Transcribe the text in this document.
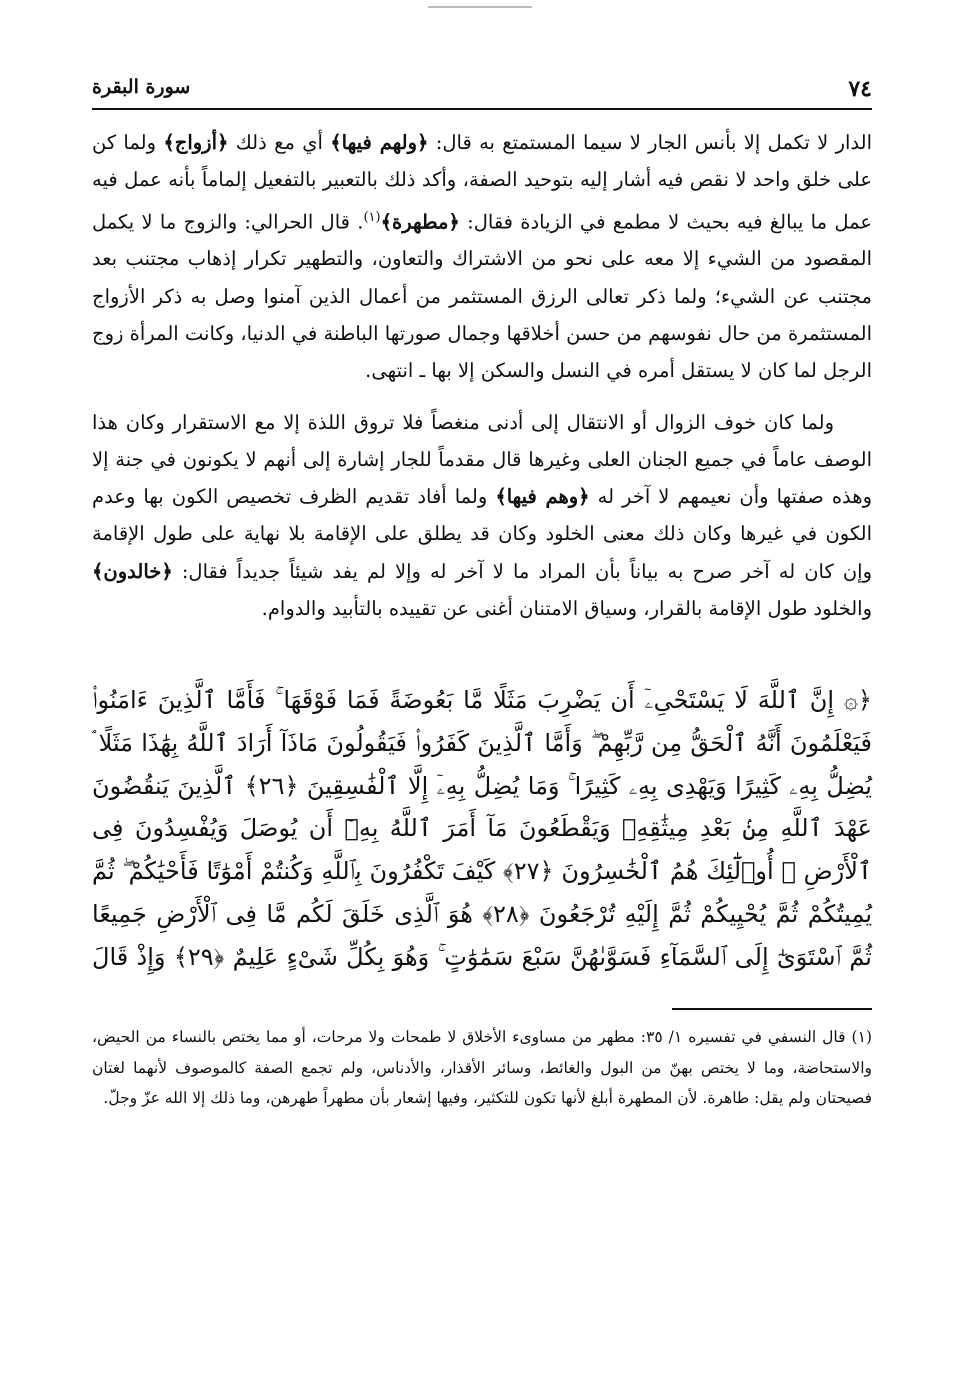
٧٤
سورة البقرة

الدار لا تكمل إلا بأنس الجار لا سيما المستمتع به قال: ﴿ولهم فيها﴾ أي مع ذلك ﴿أزواج﴾ ولما كن على خلق واحد لا نقص فيه أشار إليه بتوحيد الصفة، وأكد ذلك بالتعبير بالتفعيل إلماماً بأنه عمل فيه عمل ما يبالغ فيه بحيث لا مطمع في الزيادة فقال: ﴿مطهرة﴾$^{(١)}$. قال الحرالي: والزوج ما لا يكمل المقصود من الشيء إلا معه على نحو من الاشتراك والتعاون، والتطهير تكرار إذهاب مجتنب بعد مجتنب عن الشيء؛ ولما ذكر تعالى الرزق المستثمر من أعمال الذين آمنوا وصل به ذكر الأزواج المستثمرة من حال نفوسهم من حسن أخلاقها وجمال صورتها الباطنة في الدنيا، وكانت المرأة زوج الرجل لما كان لا يستقل أمره في النسل والسكن إلا بها ـ انتهى.

ولما كان خوف الزوال أو الانتقال إلى أدنى منغصاً فلا تروق اللذة إلا مع الاستقرار وكان هذا الوصف عاماً في جميع الجنان العلى وغيرها قال مقدماً للجار إشارة إلى أنهم لا يكونون في جنة إلا وهذه صفتها وأن نعيمهم لا آخر له ﴿وهم فيها﴾ ولما أفاد تقديم الظرف تخصيص الكون بها وعدم الكون في غيرها وكان ذلك معنى الخلود وكان قد يطلق على الإقامة بلا نهاية على طول الإقامة وإن كان له آخر صرح به بياناً بأن المراد ما لا آخر له وإلا لم يفد شيئاً جديداً فقال: ﴿خالدون﴾ والخلود طول الإقامة بالقرار، وسياق الامتنان أغنى عن تقييده بالتأبيد والدوام.

﴿۞ إِنَّ ٱللَّهَ لَا يَسْتَحْىِۦٓ أَن يَضْرِبَ مَثَلًا مَّا بَعُوضَةً فَمَا فَوْقَهَا ۚ فَأَمَّا ٱلَّذِينَ ءَامَنُوا۟ فَيَعْلَمُونَ أَنَّهُ ٱلْحَقُّ مِن رَّبِّهِمْ ۖ وَأَمَّا ٱلَّذِينَ كَفَرُوا۟ فَيَقُولُونَ مَاذَآ أَرَادَ ٱللَّهُ بِهَٰذَا مَثَلًا ۘ يُضِلُّ بِهِۦ كَثِيرًا وَيَهْدِى بِهِۦ كَثِيرًا ۚ وَمَا يُضِلُّ بِهِۦٓ إِلَّا ٱلْفَٰسِقِينَ ﴿٢٦﴾ ٱلَّذِينَ يَنقُضُونَ عَهْدَ ٱللَّهِ مِنۢ بَعْدِ مِيثَٰقِهِۦ وَيَقْطَعُونَ مَآ أَمَرَ ٱللَّهُ بِهِۦٓ أَن يُوصَلَ وَيُفْسِدُونَ فِى ٱلْأَرْضِ ۚ أُو۟لَٰٓئِكَ هُمُ ٱلْخَٰسِرُونَ ﴿٢٧﴾ كَيْفَ تَكْفُرُونَ بِٱللَّهِ وَكُنتُمْ أَمْوَٰتًا فَأَحْيَٰكُمْ ۖ ثُمَّ يُمِيتُكُمْ ثُمَّ يُحْيِيكُمْ ثُمَّ إِلَيْهِ تُرْجَعُونَ ﴿٢٨﴾ هُوَ ٱلَّذِى خَلَقَ لَكُم مَّا فِى ٱلْأَرْضِ جَمِيعًا ثُمَّ ٱسْتَوَىٰٓ إِلَى ٱلسَّمَآءِ فَسَوَّىٰهُنَّ سَبْعَ سَمَٰوَٰتٍ ۚ وَهُوَ بِكُلِّ شَىْءٍ عَلِيمٌ ﴿٢٩﴾ وَإِذْ قَالَ
(١) قال النسفي في تفسيره ١/ ٣٥: مطهر من مساوىء الأخلاق لا طمحات ولا مرحات، أو مما يختص بالنساء من الحيض، والاستحاضة، وما لا يختص بهنّ من البول والغائط، وسائر الأقذار، والأدناس، ولم تجمع الصفة كالموصوف لأنهما لغتان فصيحتان ولم يقل: طاهرة. لأن المطهرة أبلغ لأنها تكون للتكثير، وفيها إشعار بأن مطهراً طهرهن، وما ذلك إلا الله عزّ وجلّ.
